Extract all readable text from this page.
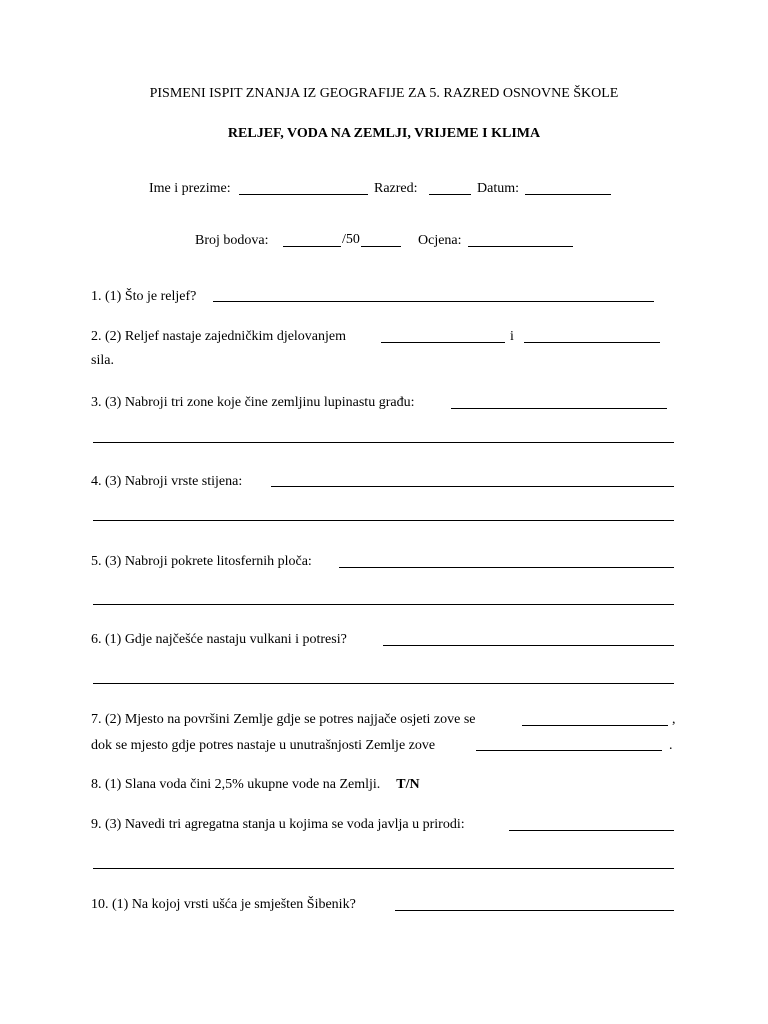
PISMENI ISPIT ZNANJA IZ GEOGRAFIJE ZA 5. RAZRED OSNOVNE ŠKOLE
RELJEF, VODA NA ZEMLJI, VRIJEME I KLIMA
Ime i prezime:	Razred:	Datum:
Broj bodova:	/50	Ocjena:
1. (1) Što je reljef?
2. (2) Reljef nastaje zajedničkim djelovanjem	i
sila.
3. (3) Nabroji tri zone koje čine zemljinu lupinastu građu:
4. (3) Nabroji vrste stijena:
5. (3) Nabroji pokrete litosfernih ploča:
6. (1) Gdje najčešće nastaju vulkani i potresi?
7. (2) Mjesto na površini Zemlje gdje se potres najjače osjeti zove se	,
dok se mjesto gdje potres nastaje u unutrašnjosti Zemlje zove	.
8. (1) Slana voda čini 2,5% ukupne vode na Zemlji. T/N
9. (3) Navedi tri agregatna stanja u kojima se voda javlja u prirodi:
10. (1) Na kojoj vrsti ušća je smješten Šibenik?
